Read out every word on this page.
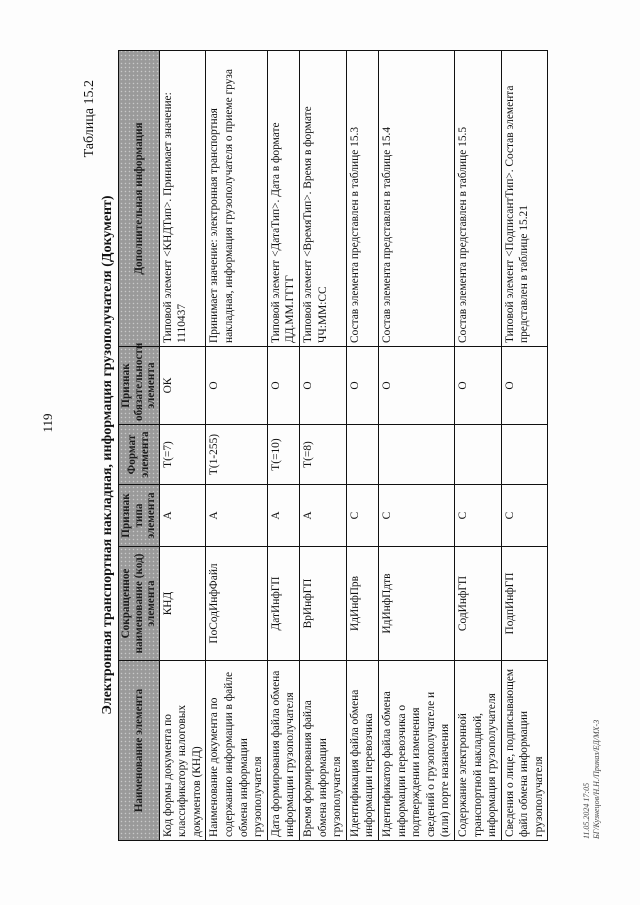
119
Таблица 15.2
Электронная транспортная накладная, информация грузополучателя (Документ)
Наименование элемента	Сокращенное наименование (код) элемента	Признак типа элемента	Формат элемента	Признак обязательности элемента	Дополнительная информация
Код формы документа по классификатору налоговых документов (КНД)	КНД	А	T(=7)	ОК	Типовой элемент <КНДТип>. Принимает значение: 1110437
Наименование документа по содержанию информации в файле обмена информации грузополучателя	ПоСодИнфФайл	А	T(1-255)	О	Принимает значение: электронная транспортная накладная, информация грузополучателя о приеме груза
Дата формирования файла обмена информации грузополучателя	ДатИнфГП	А	T(=10)	О	Типовой элемент <ДатаТип>. Дата в формате ДД.ММ.ГГГГ
Время формирования файла обмена информации грузополучателя	ВрИнфГП	А	T(=8)	О	Типовой элемент <ВремяТип>. Время в формате ЧЧ:ММ:СС
Идентификация файла обмена информации перевозчика	ИдИнфПрв	С		О	Состав элемента представлен в таблице 15.3
Идентификатор файла обмена информации перевозчика о подтверждении изменения сведений о грузополучателе и (или) порте назначения	ИдИнфПдтв	С		О	Состав элемента представлен в таблице 15.4
Содержание электронной транспортной накладной, информация грузополучателя	СодИнфГП	С		О	Состав элемента представлен в таблице 15.5
Сведения о лице, подписывающем файл обмена информации грузополучателя	ПодпИнфГП	С		О	Типовой элемент <ПодписантТип>. Состав элемента представлен в таблице 15.21
11.05.2024 17:05 БГ/Кузнецов/Н.Н./Приказ/ЕД/МХ-3
